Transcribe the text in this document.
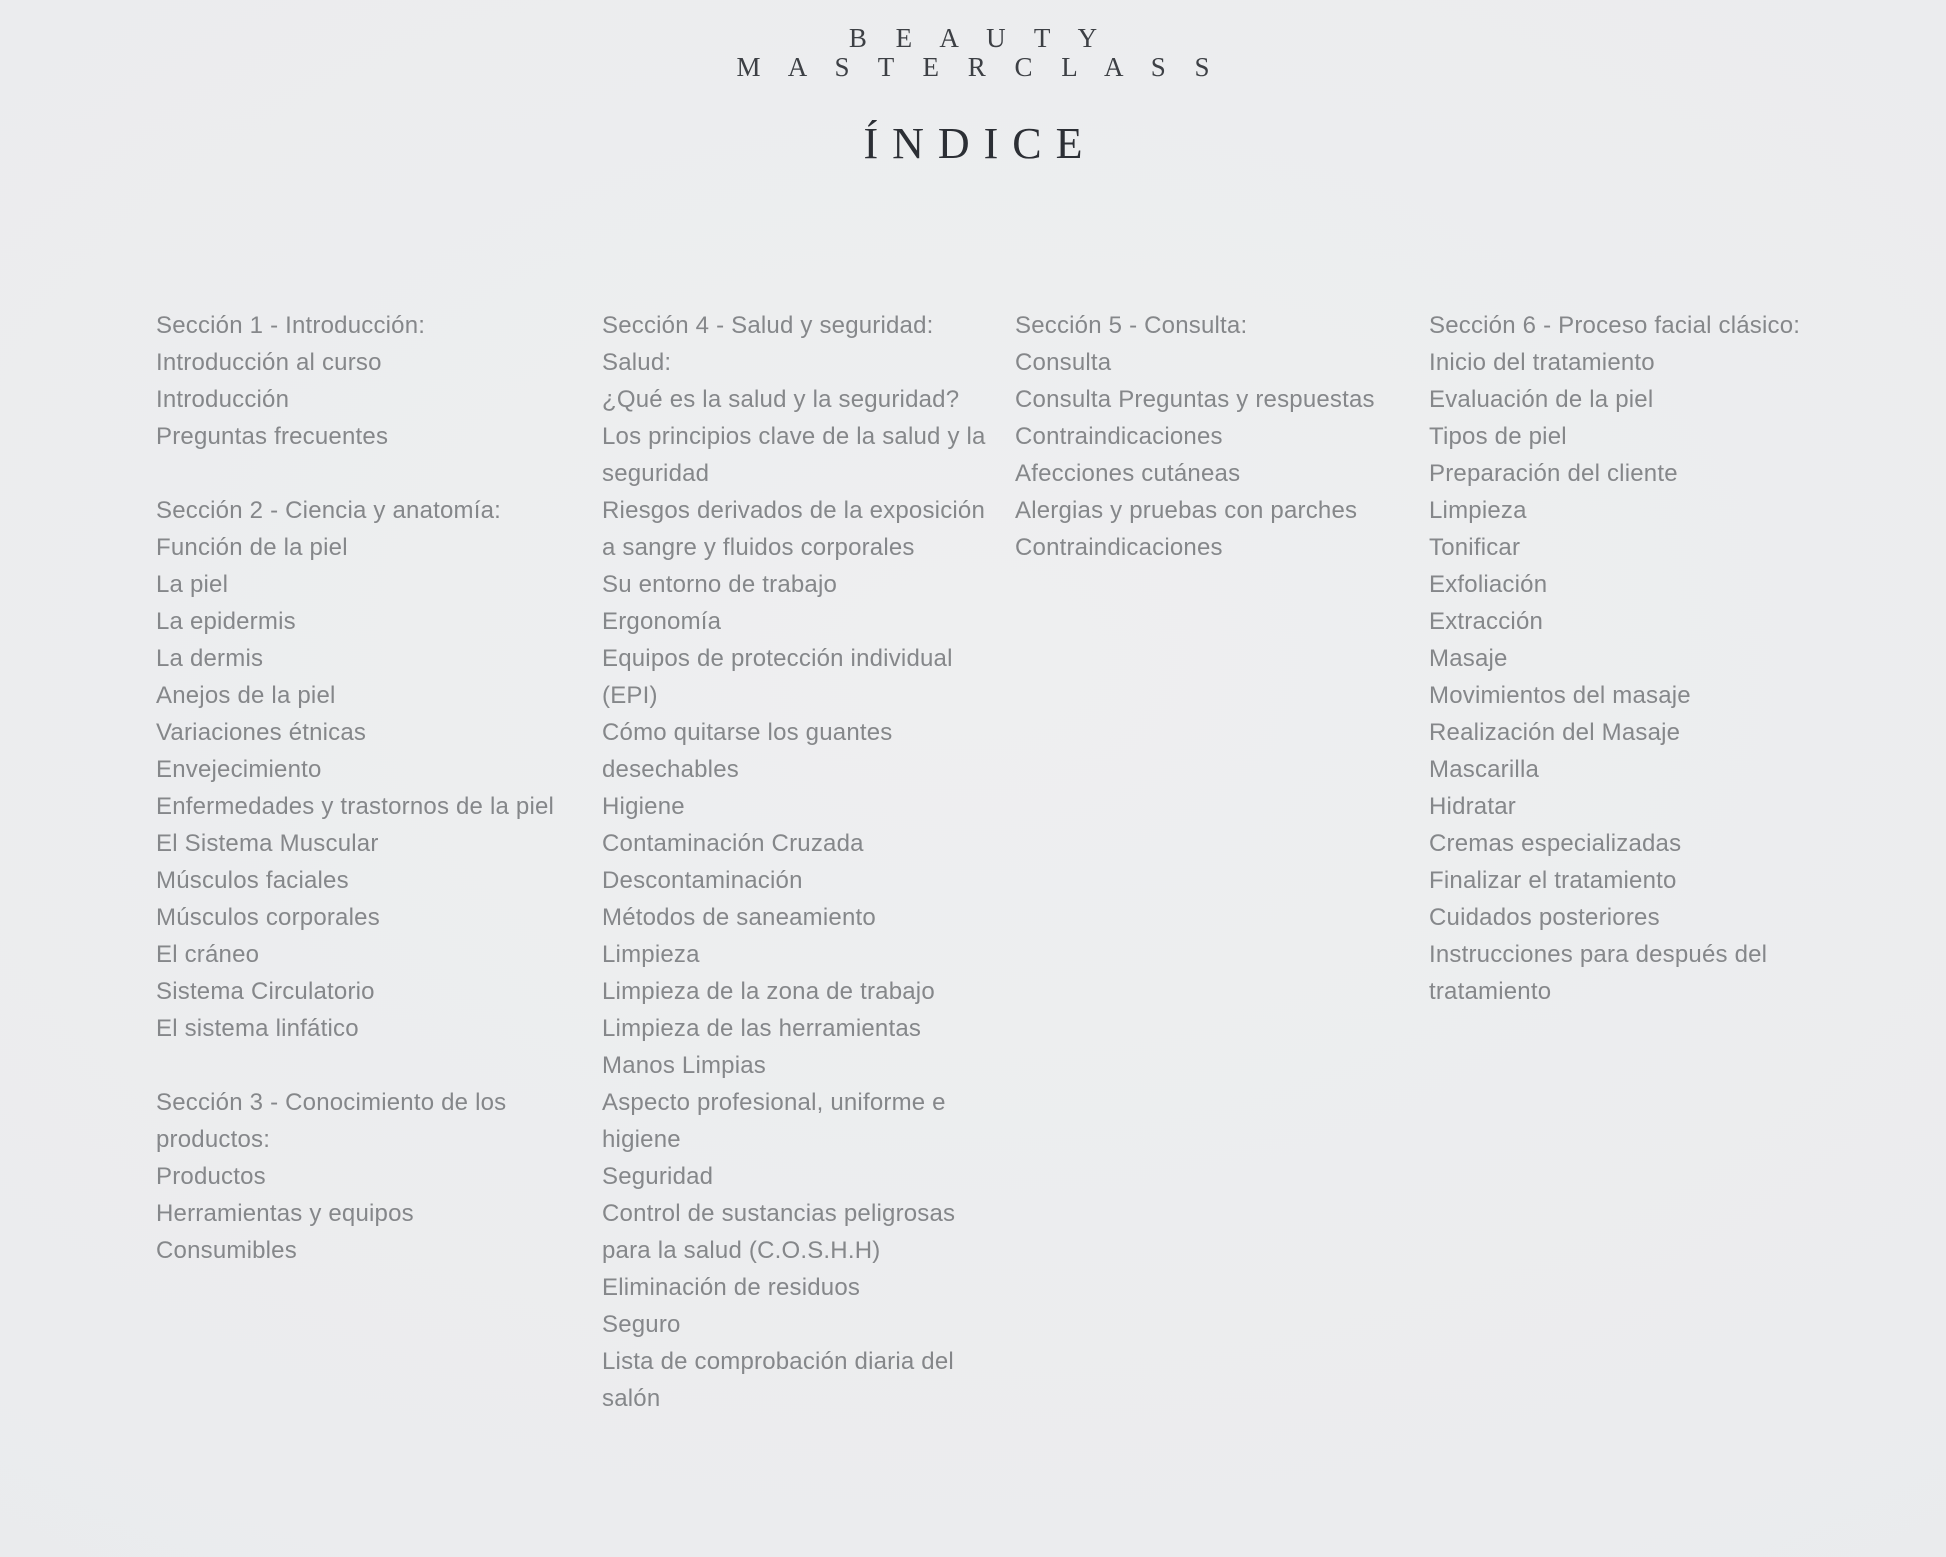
B E A U T Y
M A S T E R C L A S S
ÍNDICE
Sección 1 - Introducción:
Introducción al curso
Introducción
Preguntas frecuentes
Sección 2 - Ciencia y anatomía:
Función de la piel
La piel
La epidermis
La dermis
Anejos de la piel
Variaciones étnicas
Envejecimiento
Enfermedades y trastornos de la piel
El Sistema Muscular
Músculos faciales
Músculos corporales
El cráneo
Sistema Circulatorio
El sistema linfático
Sección 3 - Conocimiento de los
productos:
Productos
Herramientas y equipos
Consumibles
Sección 4 - Salud y seguridad:
Salud:
¿Qué es la salud y la seguridad?
Los principios clave de la salud y la
seguridad
Riesgos derivados de la exposición
a sangre y fluidos corporales
Su entorno de trabajo
Ergonomía
Equipos de protección individual
(EPI)
Cómo quitarse los guantes
desechables
Higiene
Contaminación Cruzada
Descontaminación
Métodos de saneamiento
Limpieza
Limpieza de la zona de trabajo
Limpieza de las herramientas
Manos Limpias
Aspecto profesional, uniforme e
higiene
Seguridad
Control de sustancias peligrosas
para la salud (C.O.S.H.H)
Eliminación de residuos
Seguro
Lista de comprobación diaria del
salón
Sección 5 - Consulta:
Consulta
Consulta Preguntas y respuestas
Contraindicaciones
Afecciones cutáneas
Alergias y pruebas con parches
Contraindicaciones
Sección 6 - Proceso facial clásico:
Inicio del tratamiento
Evaluación de la piel
Tipos de piel
Preparación del cliente
Limpieza
Tonificar
Exfoliación
Extracción
Masaje
Movimientos del masaje
Realización del Masaje
Mascarilla
Hidratar
Cremas especializadas
Finalizar el tratamiento
Cuidados posteriores
Instrucciones para después del
tratamiento
